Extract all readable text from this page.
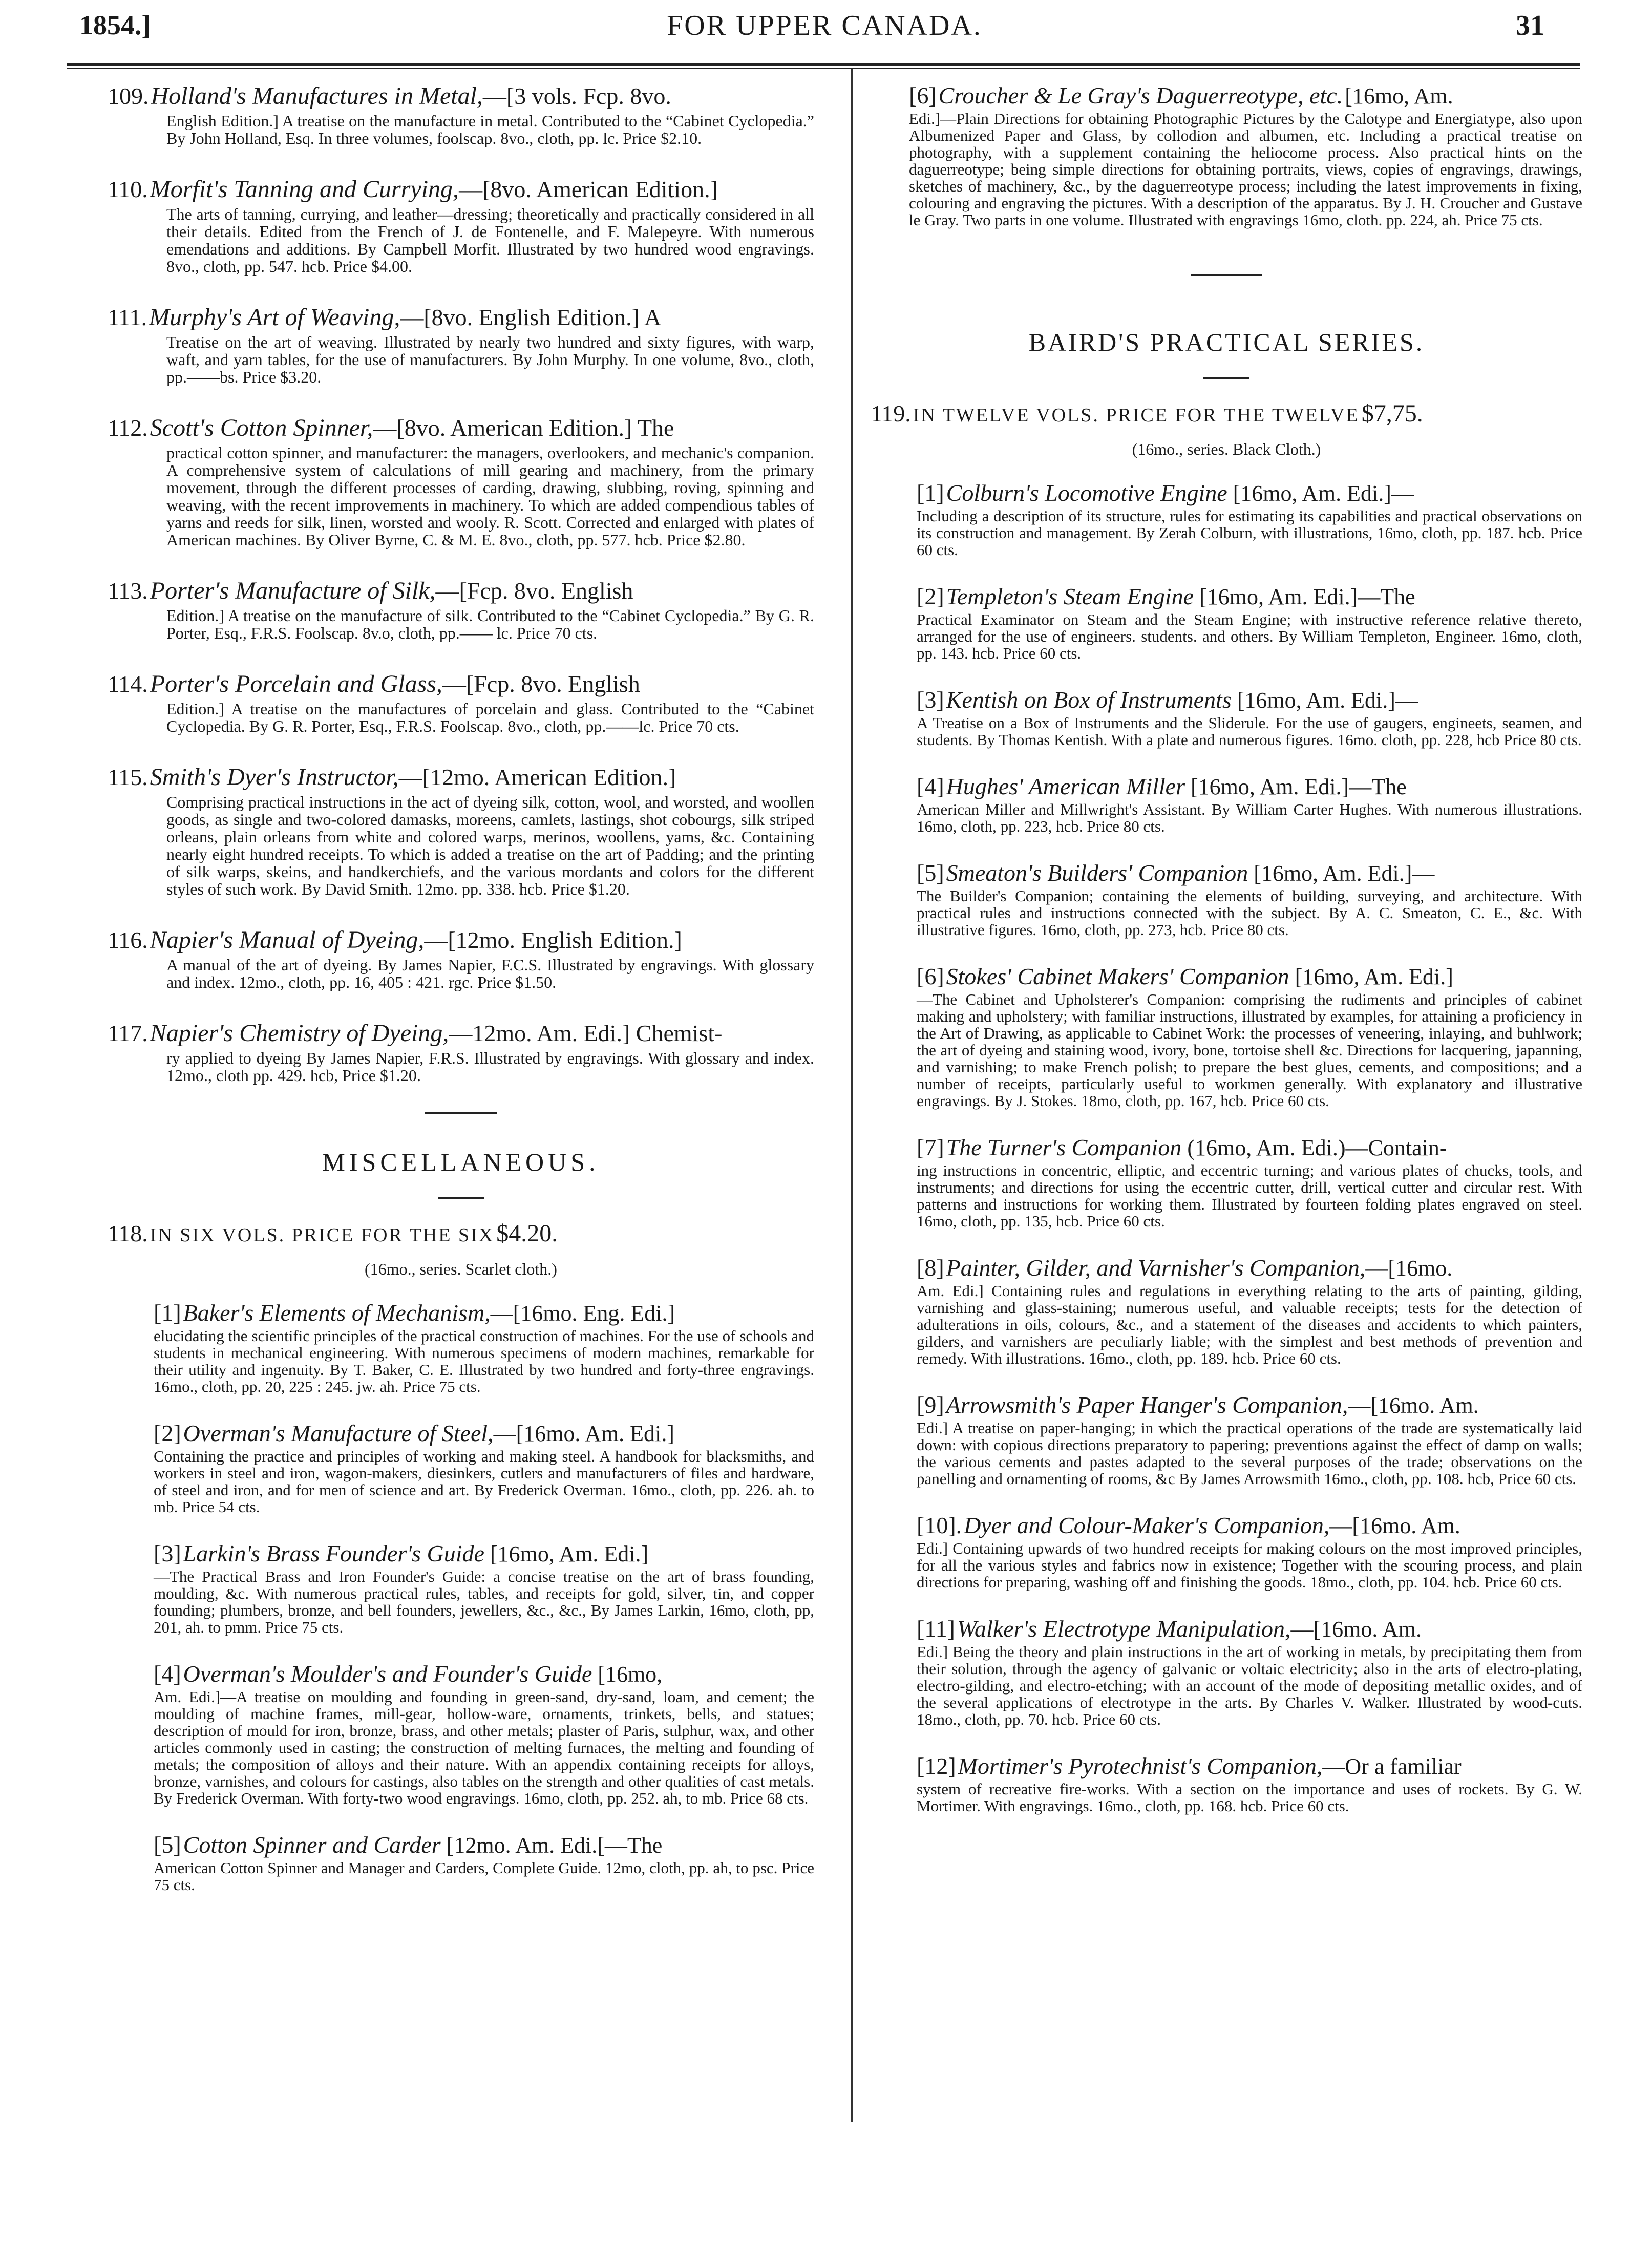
1854.]	FOR UPPER CANADA.	31
109. Holland's Manufactures in Metal,—[3 vols. Fcp. 8vo.
English Edition.] A treatise on the manufacture in metal. Contributed to the “Cabinet Cyclopedia.” By John Holland, Esq. In three volumes, foolscap. 8vo., cloth, pp. lc. Price $2.10.
110. Morfit's Tanning and Currying,—[8vo. American Edition.]
The arts of tanning, currying, and leather—dressing; theoretically and practically considered in all their details. Edited from the French of J. de Fontenelle, and F. Malepeyre. With numerous emendations and additions. By Campbell Morfit. Illustrated by two hundred wood engravings. 8vo., cloth, pp. 547. hcb. Price $4.00.
111. Murphy's Art of Weaving,—[8vo. English Edition.] A
Treatise on the art of weaving. Illustrated by nearly two hundred and sixty figures, with warp, waft, and yarn tables, for the use of manufacturers. By John Murphy. In one volume, 8vo., cloth, pp.——bs. Price $3.20.
112. Scott's Cotton Spinner,—[8vo. American Edition.] The
practical cotton spinner, and manufacturer: the managers, overlookers, and mechanic's companion. A comprehensive system of calculations of mill gearing and machinery, from the primary movement, through the different processes of carding, drawing, slubbing, roving, spinning and weaving, with the recent improvements in machinery. To which are added compendious tables of yarns and reeds for silk, linen, worsted and wooly. R. Scott. Corrected and enlarged with plates of American machines. By Oliver Byrne, C. & M. E. 8vo., cloth, pp. 577. hcb. Price $2.80.
113. Porter's Manufacture of Silk,—[Fcp. 8vo. English
Edition.] A treatise on the manufacture of silk. Contributed to the “Cabinet Cyclopedia.” By G. R. Porter, Esq., F.R.S. Foolscap. 8v.o, cloth, pp.—— lc. Price 70 cts.
114. Porter's Porcelain and Glass,—[Fcp. 8vo. English
Edition.] A treatise on the manufactures of porcelain and glass. Contributed to the “Cabinet Cyclopedia. By G. R. Porter, Esq., F.R.S. Foolscap. 8vo., cloth, pp.——lc. Price 70 cts.
115. Smith's Dyer's Instructor,—[12mo. American Edition.]
Comprising practical instructions in the act of dyeing silk, cotton, wool, and worsted, and woollen goods, as single and two-colored damasks, moreens, camlets, lastings, shot cobourgs, silk striped orleans, plain orleans from white and colored warps, merinos, woollens, yams, &c. Containing nearly eight hundred receipts. To which is added a treatise on the art of Padding; and the printing of silk warps, skeins, and handkerchiefs, and the various mordants and colors for the different styles of such work. By David Smith. 12mo. pp. 338. hcb. Price $1.20.
116. Napier's Manual of Dyeing,—[12mo. English Edition.]
A manual of the art of dyeing. By James Napier, F.C.S. Illustrated by engravings. With glossary and index. 12mo., cloth, pp. 16, 405 : 421. rgc. Price $1.50.
117. Napier's Chemistry of Dyeing,—12mo. Am. Edi.] Chemist-
ry applied to dyeing By James Napier, F.R.S. Illustrated by engravings. With glossary and index. 12mo., cloth pp. 429. hcb, Price $1.20.
MISCELLANEOUS.
118. IN SIX VOLS. PRICE FOR THE SIX $4.20.
(16mo., series. Scarlet cloth.)
[1] Baker's Elements of Mechanism,—[16mo. Eng. Edi.]
elucidating the scientific principles of the practical construction of machines. For the use of schools and students in mechanical engineering. With numerous specimens of modern machines, remarkable for their utility and ingenuity. By T. Baker, C. E. Illustrated by two hundred and forty-three engravings. 16mo., cloth, pp. 20, 225 : 245. jw. ah. Price 75 cts.
[2] Overman's Manufacture of Steel,—[16mo. Am. Edi.]
Containing the practice and principles of working and making steel. A handbook for blacksmiths, and workers in steel and iron, wagon-makers, diesinkers, cutlers and manufacturers of files and hardware, of steel and iron, and for men of science and art. By Frederick Overman. 16mo., cloth, pp. 226. ah. to mb. Price 54 cts.
[3] Larkin's Brass Founder's Guide [16mo, Am. Edi.]
—The Practical Brass and Iron Founder's Guide: a concise treatise on the art of brass founding, moulding, &c. With numerous practical rules, tables, and receipts for gold, silver, tin, and copper founding; plumbers, bronze, and bell founders, jewellers, &c., &c., By James Larkin, 16mo, cloth, pp, 201, ah. to pmm. Price 75 cts.
[4] Overman's Moulder's and Founder's Guide [16mo,
Am. Edi.]—A treatise on moulding and founding in green-sand, dry-sand, loam, and cement; the moulding of machine frames, mill-gear, hollow-ware, ornaments, trinkets, bells, and statues; description of mould for iron, bronze, brass, and other metals; plaster of Paris, sulphur, wax, and other articles commonly used in casting; the construction of melting furnaces, the melting and founding of metals; the composition of alloys and their nature. With an appendix containing receipts for alloys, bronze, varnishes, and colours for castings, also tables on the strength and other qualities of cast metals. By Frederick Overman. With forty-two wood engravings. 16mo, cloth, pp. 252. ah, to mb. Price 68 cts.
[5] Cotton Spinner and Carder [12mo. Am. Edi.[—The
American Cotton Spinner and Manager and Carders, Complete Guide. 12mo, cloth, pp. ah, to psc. Price 75 cts.
[6] Croucher & Le Gray's Daguerreotype, etc. [16mo, Am.
Edi.]—Plain Directions for obtaining Photographic Pictures by the Calotype and Energiatype, also upon Albumenized Paper and Glass, by collodion and albumen, etc. Including a practical treatise on photography, with a supplement containing the heliocome process. Also practical hints on the daguerreotype; being simple directions for obtaining portraits, views, copies of engravings, drawings, sketches of machinery, &c., by the daguerreotype process; including the latest improvements in fixing, colouring and engraving the pictures. With a description of the apparatus. By J. H. Croucher and Gustave le Gray. Two parts in one volume. Illustrated with engravings 16mo, cloth. pp. 224, ah. Price 75 cts.
BAIRD'S PRACTICAL SERIES.
119. IN TWELVE VOLS. PRICE FOR THE TWELVE $7,75.
(16mo., series. Black Cloth.)
[1] Colburn's Locomotive Engine [16mo, Am. Edi.]—
Including a description of its structure, rules for estimating its capabilities and practical observations on its construction and management. By Zerah Colburn, with illustrations, 16mo, cloth, pp. 187. hcb. Price 60 cts.
[2] Templeton's Steam Engine [16mo, Am. Edi.]—The
Practical Examinator on Steam and the Steam Engine; with instructive reference relative thereto, arranged for the use of engineers. students. and others. By William Templeton, Engineer. 16mo, cloth, pp. 143. hcb. Price 60 cts.
[3] Kentish on Box of Instruments [16mo, Am. Edi.]—
A Treatise on a Box of Instruments and the Sliderule. For the use of gaugers, engineets, seamen, and students. By Thomas Kentish. With a plate and numerous figures. 16mo. cloth, pp. 228, hcb Price 80 cts.
[4] Hughes' American Miller [16mo, Am. Edi.]—The
American Miller and Millwright's Assistant. By William Carter Hughes. With numerous illustrations. 16mo, cloth, pp. 223, hcb. Price 80 cts.
[5] Smeaton's Builders' Companion [16mo, Am. Edi.]—
The Builder's Companion; containing the elements of building, surveying, and architecture. With practical rules and instructions connected with the subject. By A. C. Smeaton, C. E., &c. With illustrative figures. 16mo, cloth, pp. 273, hcb. Price 80 cts.
[6] Stokes' Cabinet Makers' Companion [16mo, Am. Edi.]
—The Cabinet and Upholsterer's Companion: comprising the rudiments and principles of cabinet making and upholstery; with familiar instructions, illustrated by examples, for attaining a proficiency in the Art of Drawing, as applicable to Cabinet Work: the processes of veneering, inlaying, and buhlwork; the art of dyeing and staining wood, ivory, bone, tortoise shell &c. Directions for lacquering, japanning, and varnishing; to make French polish; to prepare the best glues, cements, and compositions; and a number of receipts, particularly useful to workmen generally. With explanatory and illustrative engravings. By J. Stokes. 18mo, cloth, pp. 167, hcb. Price 60 cts.
[7] The Turner's Companion (16mo, Am. Edi.)—Contain-
ing instructions in concentric, elliptic, and eccentric turning; and various plates of chucks, tools, and instruments; and directions for using the eccentric cutter, drill, vertical cutter and circular rest. With patterns and instructions for working them. Illustrated by fourteen folding plates engraved on steel. 16mo, cloth, pp. 135, hcb. Price 60 cts.
[8] Painter, Gilder, and Varnisher's Companion,—[16mo.
Am. Edi.] Containing rules and regulations in everything relating to the arts of painting, gilding, varnishing and glass-staining; numerous useful, and valuable receipts; tests for the detection of adulterations in oils, colours, &c., and a statement of the diseases and accidents to which painters, gilders, and varnishers are peculiarly liable; with the simplest and best methods of prevention and remedy. With illustrations. 16mo., cloth, pp. 189. hcb. Price 60 cts.
[9] Arrowsmith's Paper Hanger's Companion,—[16mo. Am.
Edi.] A treatise on paper-hanging; in which the practical operations of the trade are systematically laid down: with copious directions preparatory to papering; preventions against the effect of damp on walls; the various cements and pastes adapted to the several purposes of the trade; observations on the panelling and ornamenting of rooms, &c By James Arrowsmith 16mo., cloth, pp. 108. hcb, Price 60 cts.
[10]. Dyer and Colour-Maker's Companion,—[16mo. Am.
Edi.] Containing upwards of two hundred receipts for making colours on the most improved principles, for all the various styles and fabrics now in existence; Together with the scouring process, and plain directions for preparing, washing off and finishing the goods. 18mo., cloth, pp. 104. hcb. Price 60 cts.
[11] Walker's Electrotype Manipulation,—[16mo. Am.
Edi.] Being the theory and plain instructions in the art of working in metals, by precipitating them from their solution, through the agency of galvanic or voltaic electricity; also in the arts of electro-plating, electro-gilding, and electro-etching; with an account of the mode of depositing metallic oxides, and of the several applications of electrotype in the arts. By Charles V. Walker. Illustrated by wood-cuts. 18mo., cloth, pp. 70. hcb. Price 60 cts.
[12] Mortimer's Pyrotechnist's Companion,—Or a familiar
system of recreative fire-works. With a section on the importance and uses of rockets. By G. W. Mortimer. With engravings. 16mo., cloth, pp. 168. hcb. Price 60 cts.
